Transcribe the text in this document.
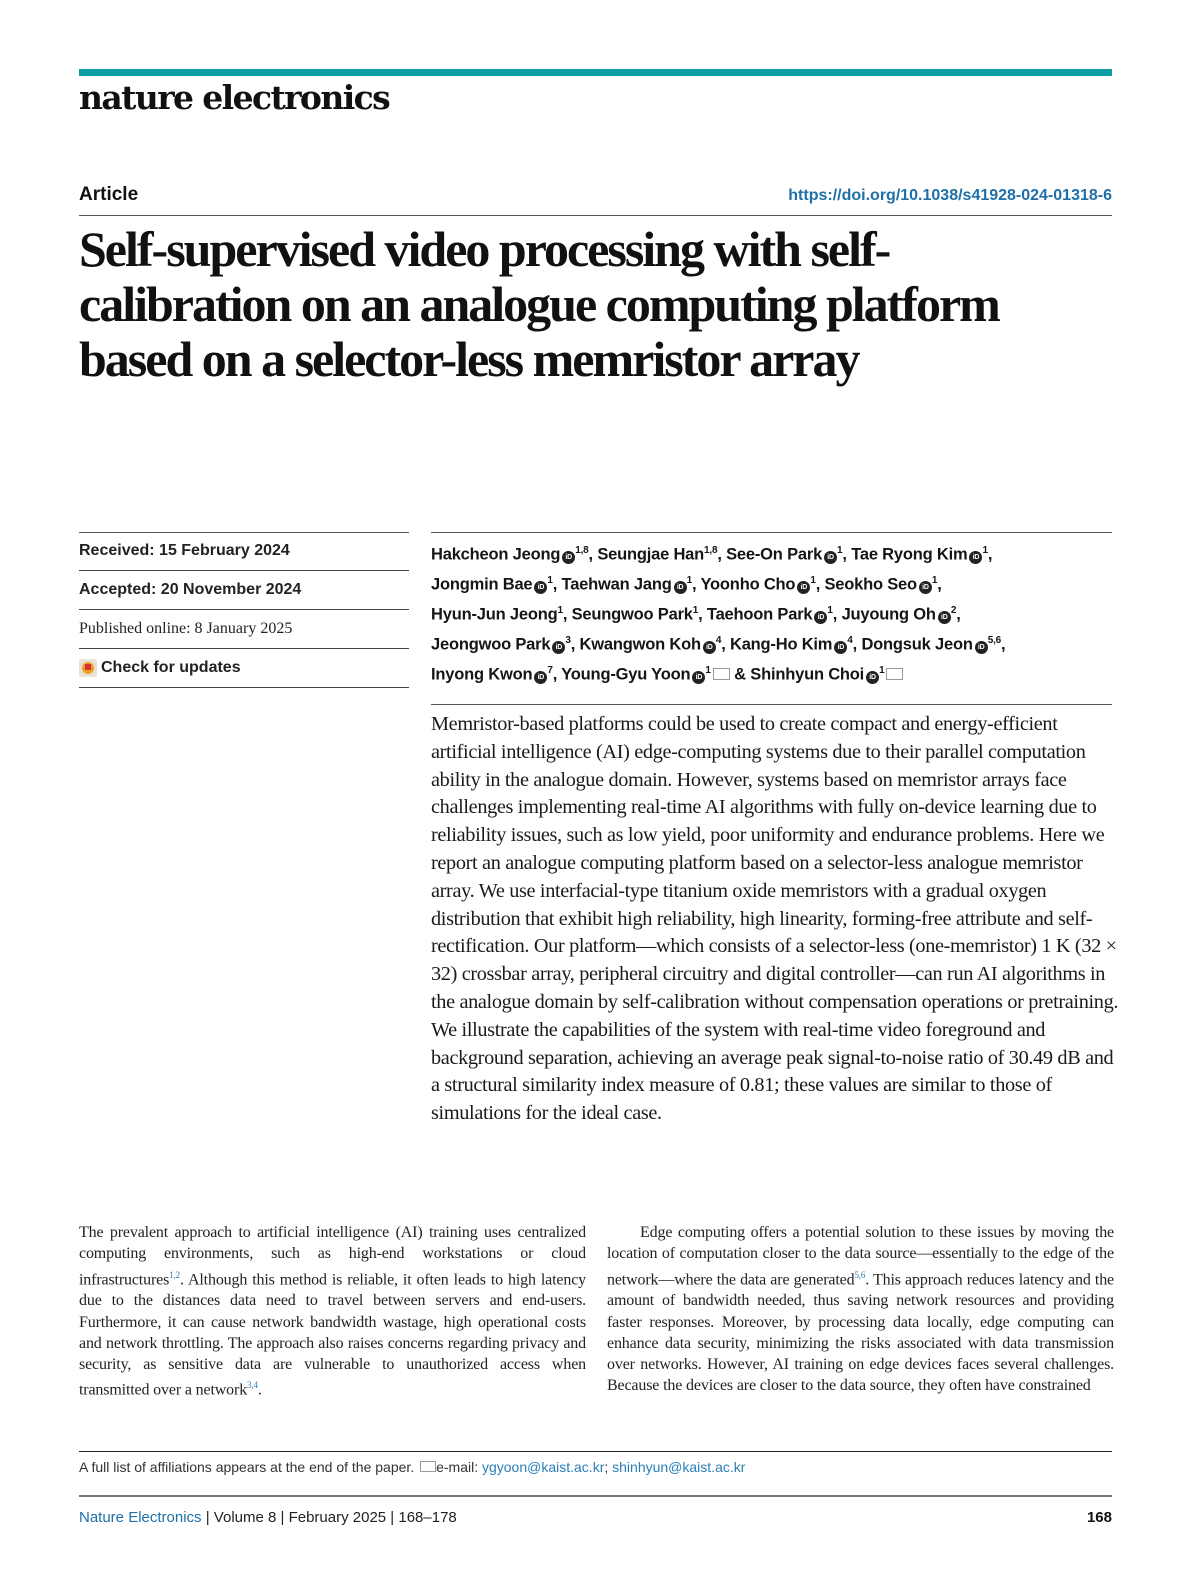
nature electronics
Article	https://doi.org/10.1038/s41928-024-01318-6
Self-supervised video processing with self-calibration on an analogue computing platform based on a selector-less memristor array
Received: 15 February 2024
Accepted: 20 November 2024
Published online: 8 January 2025
Check for updates
Hakcheon Jeong iD$^{1,8}$, Seungjae Han$^{1,8}$, See-On Park $iD^1$, Tae Ryong Kim $iD^1$,
Jongmin Bae $iD^1$, Taehwan Jang $iD^1$, Yoonho Cho $iD^1$, Seokho Seo $iD^1$,
Hyun-Jun Jeong$^1$, Seungwoo Park$^1$, Taehoon Park $iD^1$, Juyoung Oh $iD^2$,
Jeongwoo Park $iD^3$, Kwangwon Koh $iD^4$, Kang-Ho Kim $iD^4$, Dongsuk Jeon iD$^{5,6}$,
Inyong Kwon $iD^7$, Young-Gyu Yoon $iD^1$ & Shinhyun Choi $iD^1$

Memristor-based platforms could be used to create compact and energy-efficient artificial intelligence (AI) edge-computing systems due to their parallel computation ability in the analogue domain. However, systems based on memristor arrays face challenges implementing real-time AI algorithms with fully on-device learning due to reliability issues, such as low yield, poor uniformity and endurance problems. Here we report an analogue computing platform based on a selector-less analogue memristor array. We use interfacial-type titanium oxide memristors with a gradual oxygen distribution that exhibit high reliability, high linearity, forming-free attribute and self-rectification. Our platform—which consists of a selector-less (one-memristor) 1 K (32 × 32) crossbar array, peripheral circuitry and digital controller—can run AI algorithms in the analogue domain by self-calibration without compensation operations or pretraining. We illustrate the capabilities of the system with real-time video foreground and background separation, achieving an average peak signal-to-noise ratio of 30.49 dB and a structural similarity index measure of 0.81; these values are similar to those of simulations for the ideal case.

The prevalent approach to artificial intelligence (AI) training uses centralized computing environments, such as high-end workstations or cloud infrastructures$^{1,2}$. Although this method is reliable, it often leads to high latency due to the distances data need to travel between servers and end-users. Furthermore, it can cause network bandwidth wastage, high operational costs and network throttling. The approach also raises concerns regarding privacy and security, as sensitive data are vulnerable to unauthorized access when transmitted over a network$^{3,4}$.

Edge computing offers a potential solution to these issues by moving the location of computation closer to the data source—essentially to the edge of the network—where the data are generated$^{5,6}$. This approach reduces latency and the amount of bandwidth needed, thus saving network resources and providing faster responses. Moreover, by processing data locally, edge computing can enhance data security, minimizing the risks associated with data transmission over networks. However, AI training on edge devices faces several challenges. Because the devices are closer to the data source, they often have constrained

A full list of affiliations appears at the end of the paper. e-mail: ygyoon@kaist.ac.kr; shinhyun@kaist.ac.kr
Nature Electronics | Volume 8 | February 2025 | 168–178	168
